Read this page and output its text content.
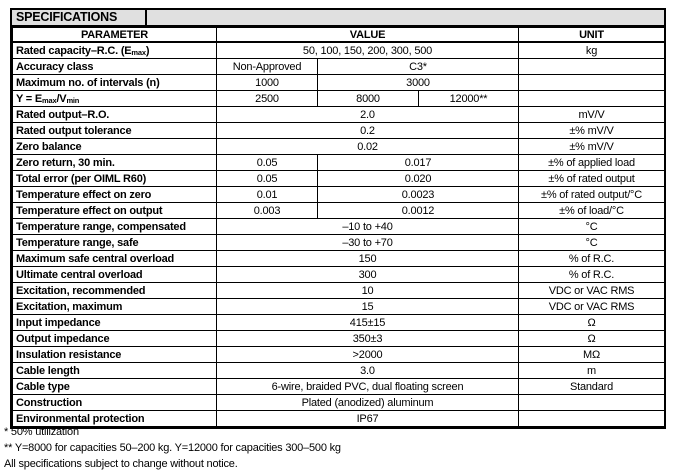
SPECIFICATIONS
PARAMETER	VALUE			UNIT
Rated capacity–R.C. $(E_{max})$	50, 100, 150, 200, 300, 500			kg
Accuracy class	Non-Approved	C3*		
Maximum no. of intervals (n)	1000	3000		
$Y = E_{max}/V_{min}$	2500	8000	12000**	
Rated output–R.O.	2.0			mV/V
Rated output tolerance	0.2			±% mV/V
Zero balance	0.02			±% mV/V
Zero return, 30 min.	0.05	0.017		±% of applied load
Total error (per OIML R60)	0.05	0.020		±% of rated output
Temperature effect on zero	0.01	0.0023		±% of rated output/°C
Temperature effect on output	0.003	0.0012		±% of load/°C
Temperature range, compensated	–10 to +40			°C
Temperature range, safe	–30 to +70			°C
Maximum safe central overload	150			% of R.C.
Ultimate central overload	300			% of R.C.
Excitation, recommended	10			VDC or VAC RMS
Excitation, maximum	15			VDC or VAC RMS
Input impedance	415±15			Ω
Output impedance	350±3			Ω
Insulation resistance	>2000			MΩ
Cable length	3.0			m
Cable type	6-wire, braided PVC, dual floating screen			Standard
Construction	Plated (anodized) aluminum			
Environmental protection	IP67			
* 50% utilization
** Y=8000 for capacities 50–200 kg. Y=12000 for capacities 300–500 kg
All specifications subject to change without notice.
